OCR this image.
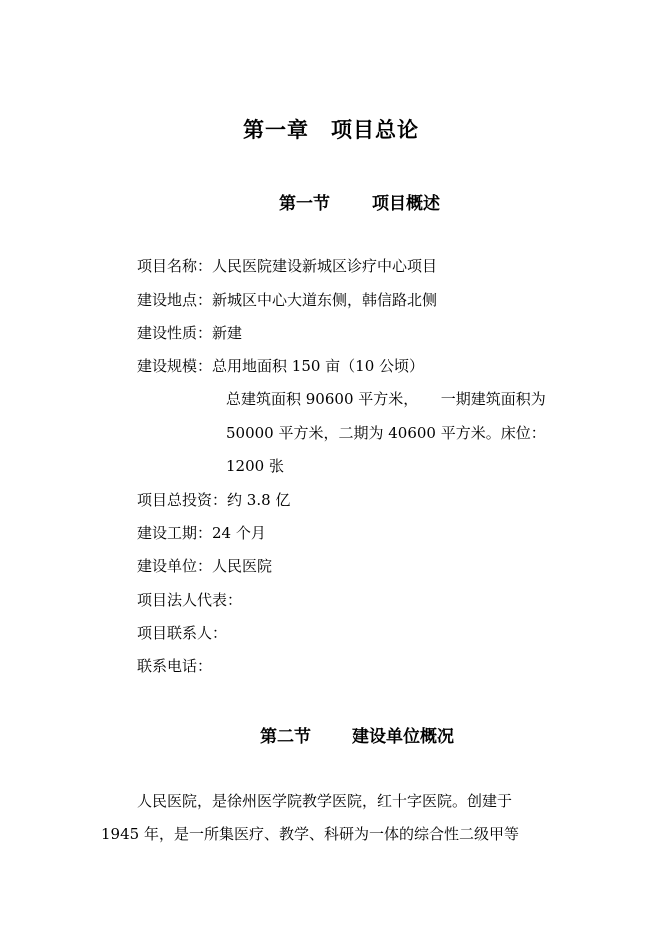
第一章　项目总论
第一节 项目概述
项目名称：人民医院建设新城区诊疗中心项目
建设地点：新城区中心大道东侧，韩信路北侧
建设性质：新建
建设规模：总用地面积 150 亩（10 公顷）
总建筑面积 90600 平方米，　　一期建筑面积为
50000 平方米，二期为 40600 平方米。床位：
1200 张
项目总投资：约 3.8 亿
建设工期：24 个月
建设单位：人民医院
项目法人代表：
项目联系人：
联系电话：
第二节 建设单位概况
人民医院，是徐州医学院教学医院，红十字医院。创建于
1945 年，是一所集医疗、教学、科研为一体的综合性二级甲等
